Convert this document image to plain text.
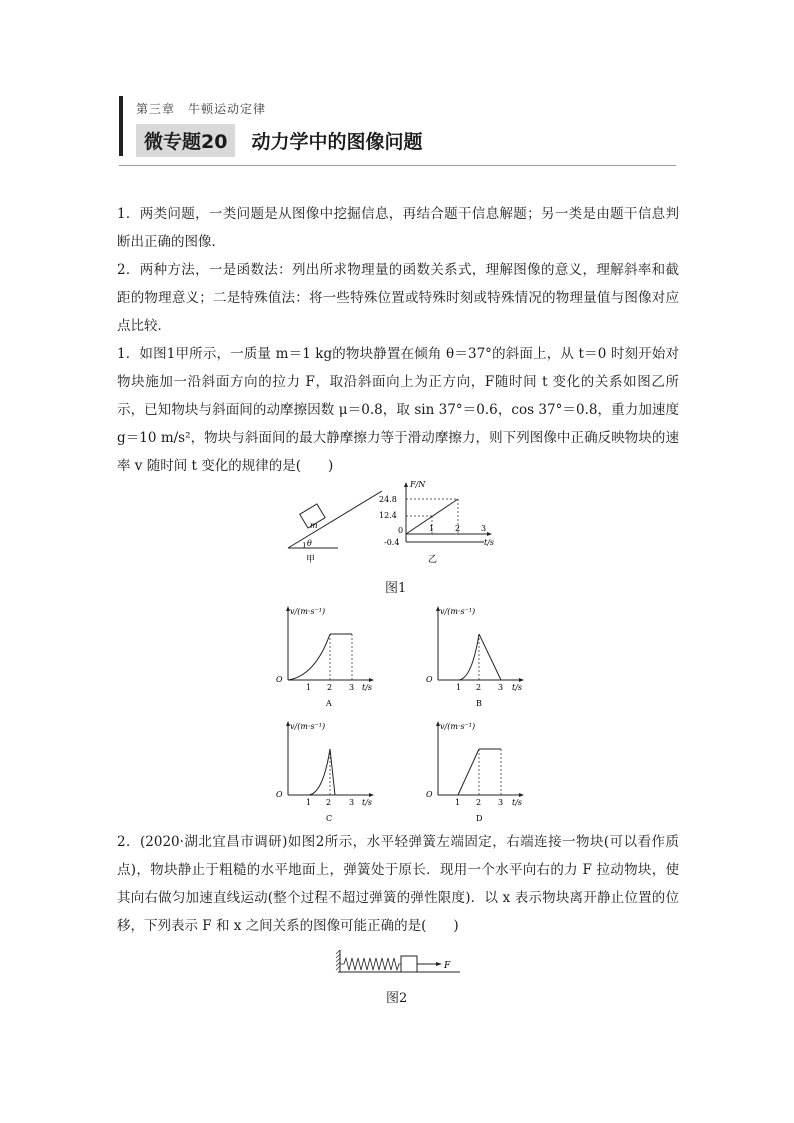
第三章　牛顿运动定律
微专题20	动力学中的图像问题

1．两类问题，一类问题是从图像中挖掘信息，再结合题干信息解题；另一类是由题干信息判断出正确的图像．

2．两种方法，一是函数法：列出所求物理量的函数关系式，理解图像的意义，理解斜率和截距的物理意义；二是特殊值法：将一些特殊位置或特殊时刻或特殊情况的物理量值与图像对应点比较．

1．如图1甲所示，一质量 m＝1 kg的物块静置在倾角 θ＝37°的斜面上，从 t＝0 时刻开始对物块施加一沿斜面方向的拉力 F，取沿斜面向上为正方向，F随时间 t 变化的关系如图乙所示，已知物块与斜面间的动摩擦因数 μ＝0.8，取 sin 37°＝0.6，cos 37°＝0.8，重力加速度 g＝10 m/s²，物块与斜面间的最大静摩擦力等于滑动摩擦力，则下列图像中正确反映物块的速率 v 随时间 t 变化的规律的是(　　)

m
θ
甲
F/N
24.8
12.4
0
-0.4
1	2	3
t/s
乙
图1
v/(m·s⁻¹)
O
1 2 3 t/s
A
v/(m·s⁻¹)
O
1 2 3 t/s
B
v/(m·s⁻¹)
O
1 2 3 t/s
C
v/(m·s⁻¹)
O
1 2 3 t/s
D

2．(2020·湖北宜昌市调研)如图2所示，水平轻弹簧左端固定，右端连接一物块(可以看作质点)，物块静止于粗糙的水平地面上，弹簧处于原长．现用一个水平向右的力 F 拉动物块，使其向右做匀加速直线运动(整个过程不超过弹簧的弹性限度)．以 x 表示物块离开静止位置的位移，下列表示 F 和 x 之间关系的图像可能正确的是(　　)

F
图2
